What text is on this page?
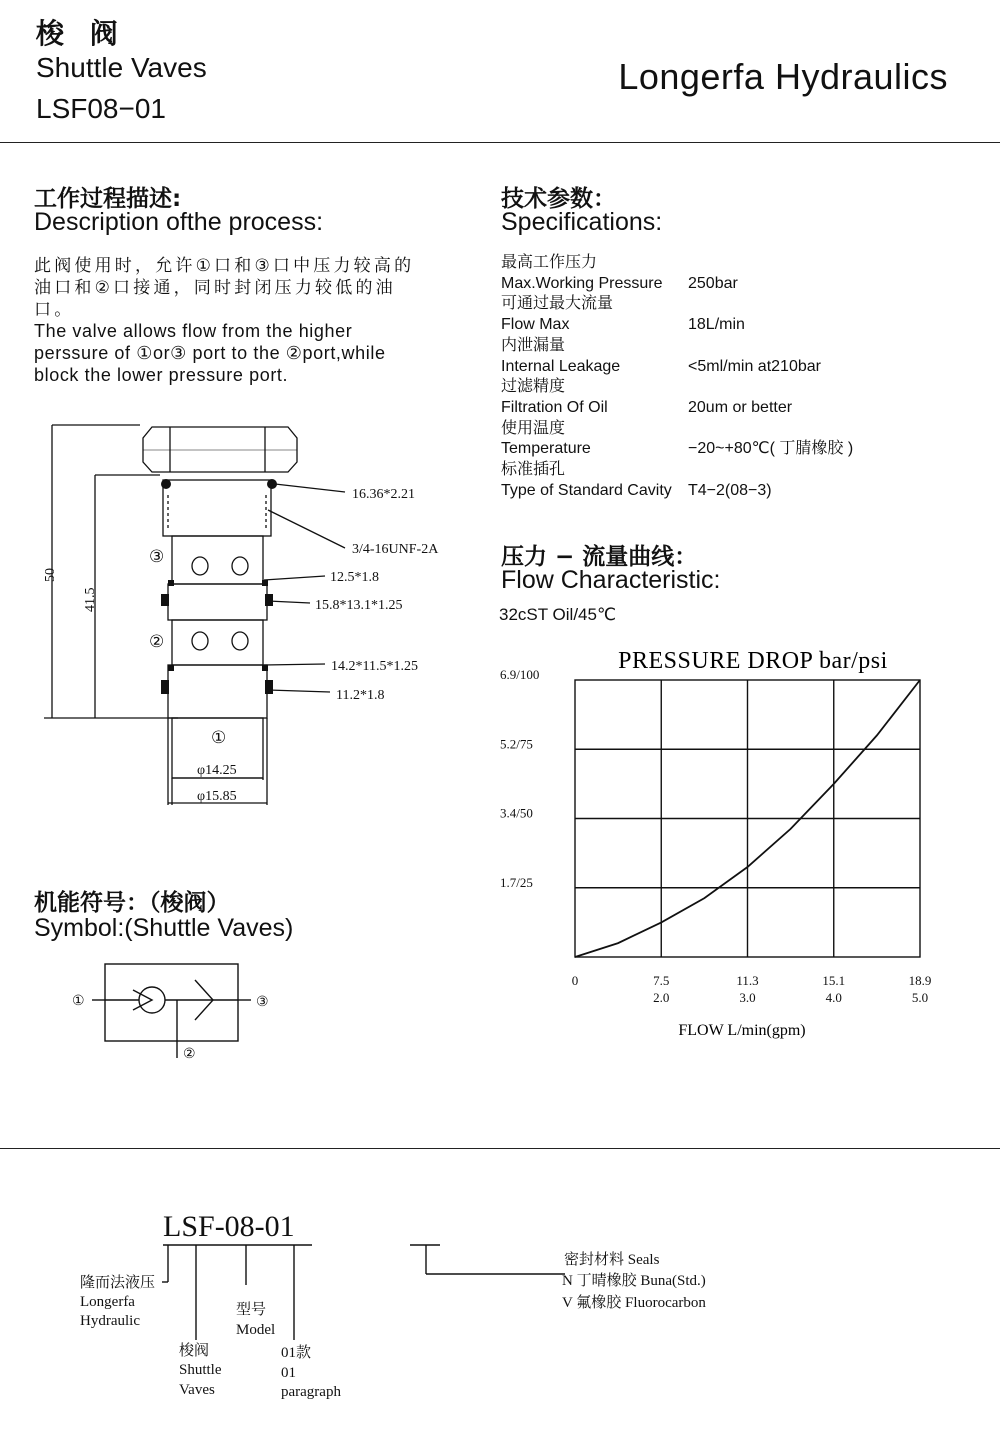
梭 阀
Shuttle Vaves
LSF08−01
Longerfa Hydraulics
工作过程描述:
Description ofthe process:
此阀使用时，允许①口和③口中压力较高的
油口和②口接通，同时封闭压力较低的油
口。
The valve allows flow from the higher
perssure of ①or③ port to the ②port,while
block the lower pressure port.
50
41.5
16.36*2.21
3/4-16UNF-2A
12.5*1.8
15.8*13.1*1.25
14.2*11.5*1.25
11.2*1.8
③
②
①
φ14.25
φ15.85
技术参数：
Specifications:
最高工作压力
Max.Working Pressure	250bar
可通过最大流量
Flow Max	18L/min
内泄漏量
Internal Leakage	<5ml/min at210bar
过滤精度
Filtration Of Oil	20um or better
使用温度
Temperature	−20~+80℃( 丁腈橡胶 )
标准插孔
Type of Standard Cavity	T4−2(08−3)
压力 − 流量曲线：
Flow Characteristic:
32cST Oil/45℃
PRESSURE DROP bar/psi
1.7/25
3.4/50
5.2/75
6.9/100
0	7.5
2.0
11.3
3.0
15.1
4.0
18.9
5.0
FLOW L/min(gpm)
机能符号：（梭阀）
Symbol:(Shuttle Vaves)
①	③
②
LSF-08-01
隆而法液压
Longerfa
Hydraulic
型号
Model
梭阀
Shuttle
Vaves
01款
01
paragraph
密封材料 Seals
N 丁晴橡胶 Buna(Std.)
V 氟橡胶 Fluorocarbon
